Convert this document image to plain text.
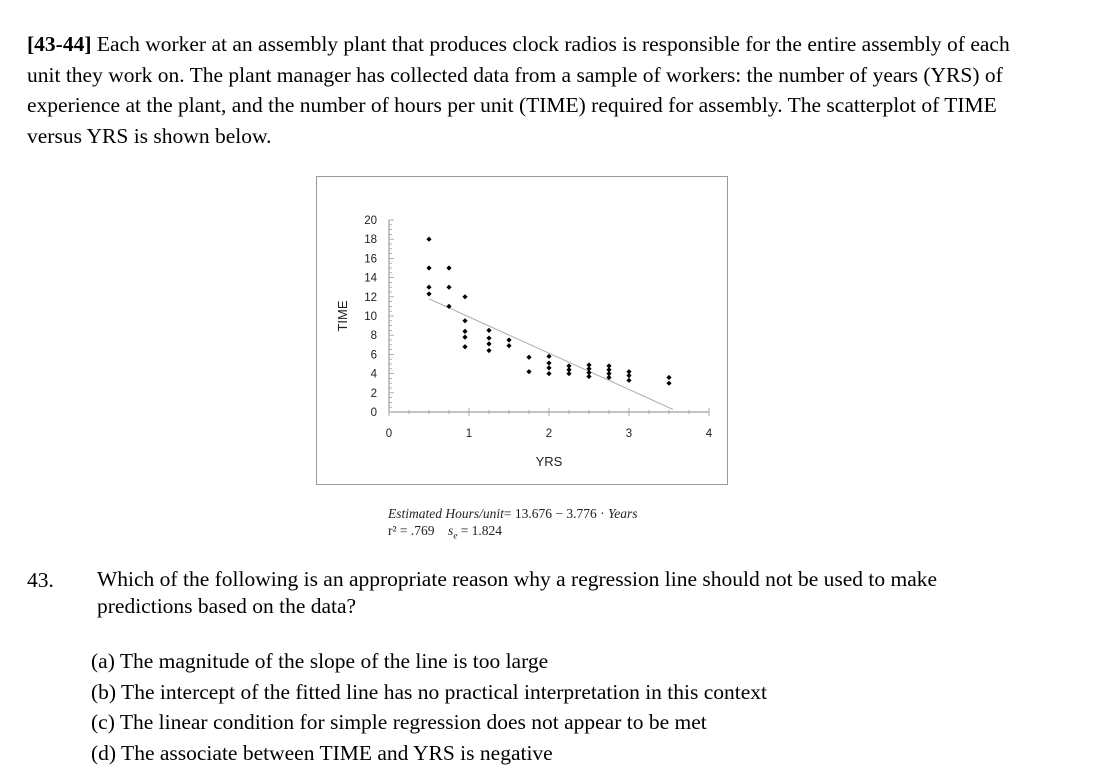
[43-44] Each worker at an assembly plant that produces clock radios is responsible for the entire assembly of each unit they work on. The plant manager has collected data from a sample of workers: the number of years (YRS) of experience at the plant, and the number of hours per unit (TIME) required for assembly. The scatterplot of TIME versus YRS is shown below.
0
2
4
6
8
10
12
14
16
18
20
0	1	2	3	4
YRS
TIME
Estimated Hours/unit= 13.676 − 3.776 · Years
r² = .769 $s_e = 1.824$
43. Which of the following is an appropriate reason why a regression line should not be used to make predictions based on the data?
(a) The magnitude of the slope of the line is too large
(b) The intercept of the fitted line has no practical interpretation in this context
(c) The linear condition for simple regression does not appear to be met
(d) The associate between TIME and YRS is negative
